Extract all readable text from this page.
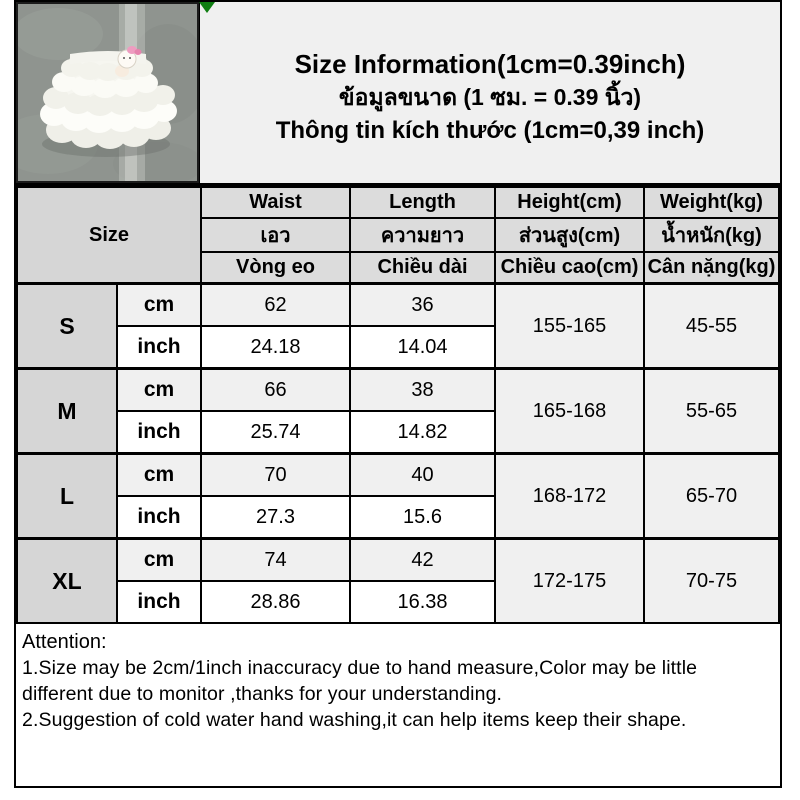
Size Information(1cm=0.39inch)
ข้อมูลขนาด (1 ซม. = 0.39 นิ้ว)
Thông tin kích thước (1cm=0,39 inch)
Size		Waist	Length	Height(cm)	Weight(kg)
		เอว	ความยาว	ส่วนสูง(cm)	น้ำหนัก(kg)
		Vòng eo	Chiều dài	Chiều cao(cm)	Cân nặng(kg)
S	cm	62	36	155-165	45-55
	inch	24.18	14.04		
M	cm	66	38	165-168	55-65
	inch	25.74	14.82		
L	cm	70	40	168-172	65-70
	inch	27.3	15.6		
XL	cm	74	42	172-175	70-75
	inch	28.86	16.38		
Attention:
1.Size may be 2cm/1inch inaccuracy due to hand measure,Color may be little different due to monitor ,thanks for your understanding.
2.Suggestion of cold water hand washing,it can help items keep their shape.
